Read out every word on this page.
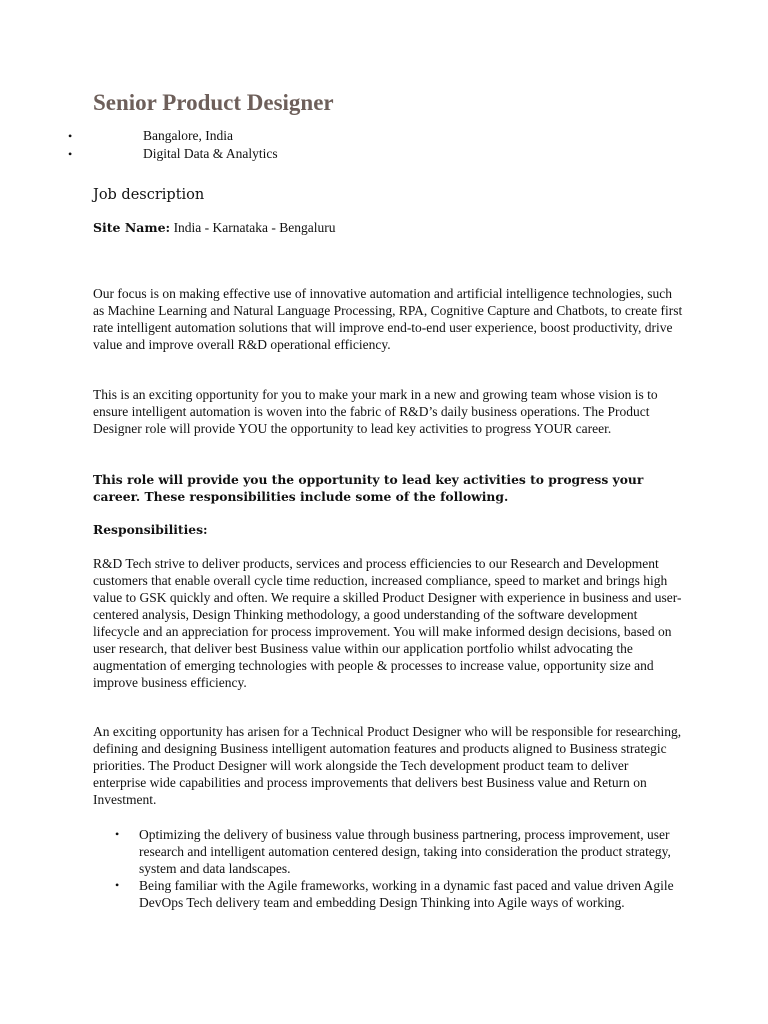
Senior Product Designer
•	Bangalore, India
•	Digital Data & Analytics
Job description
Site Name: India - Karnataka - Bengaluru

Our focus is on making effective use of innovative automation and artificial intelligence technologies, such as Machine Learning and Natural Language Processing, RPA, Cognitive Capture and Chatbots, to create first rate intelligent automation solutions that will improve end-to-end user experience, boost productivity, drive value and improve overall R&D operational efficiency.

This is an exciting opportunity for you to make your mark in a new and growing team whose vision is to ensure intelligent automation is woven into the fabric of R&D’s daily business operations. The Product Designer role will provide YOU the opportunity to lead key activities to progress YOUR career.

This role will provide you the opportunity to lead key activities to progress your career. These responsibilities include some of the following.

Responsibilities:

R&D Tech strive to deliver products, services and process efficiencies to our Research and Development customers that enable overall cycle time reduction, increased compliance, speed to market and brings high value to GSK quickly and often. We require a skilled Product Designer with experience in business and user-centered analysis, Design Thinking methodology, a good understanding of the software development lifecycle and an appreciation for process improvement. You will make informed design decisions, based on user research, that deliver best Business value within our application portfolio whilst advocating the augmentation of emerging technologies with people & processes to increase value, opportunity size and improve business efficiency.

An exciting opportunity has arisen for a Technical Product Designer who will be responsible for researching, defining and designing Business intelligent automation features and products aligned to Business strategic priorities. The Product Designer will work alongside the Tech development product team to deliver enterprise wide capabilities and process improvements that delivers best Business value and Return on Investment.

• Optimizing the delivery of business value through business partnering, process improvement, user research and intelligent automation centered design, taking into consideration the product strategy, system and data landscapes.
• Being familiar with the Agile frameworks, working in a dynamic fast paced and value driven Agile DevOps Tech delivery team and embedding Design Thinking into Agile ways of working.
